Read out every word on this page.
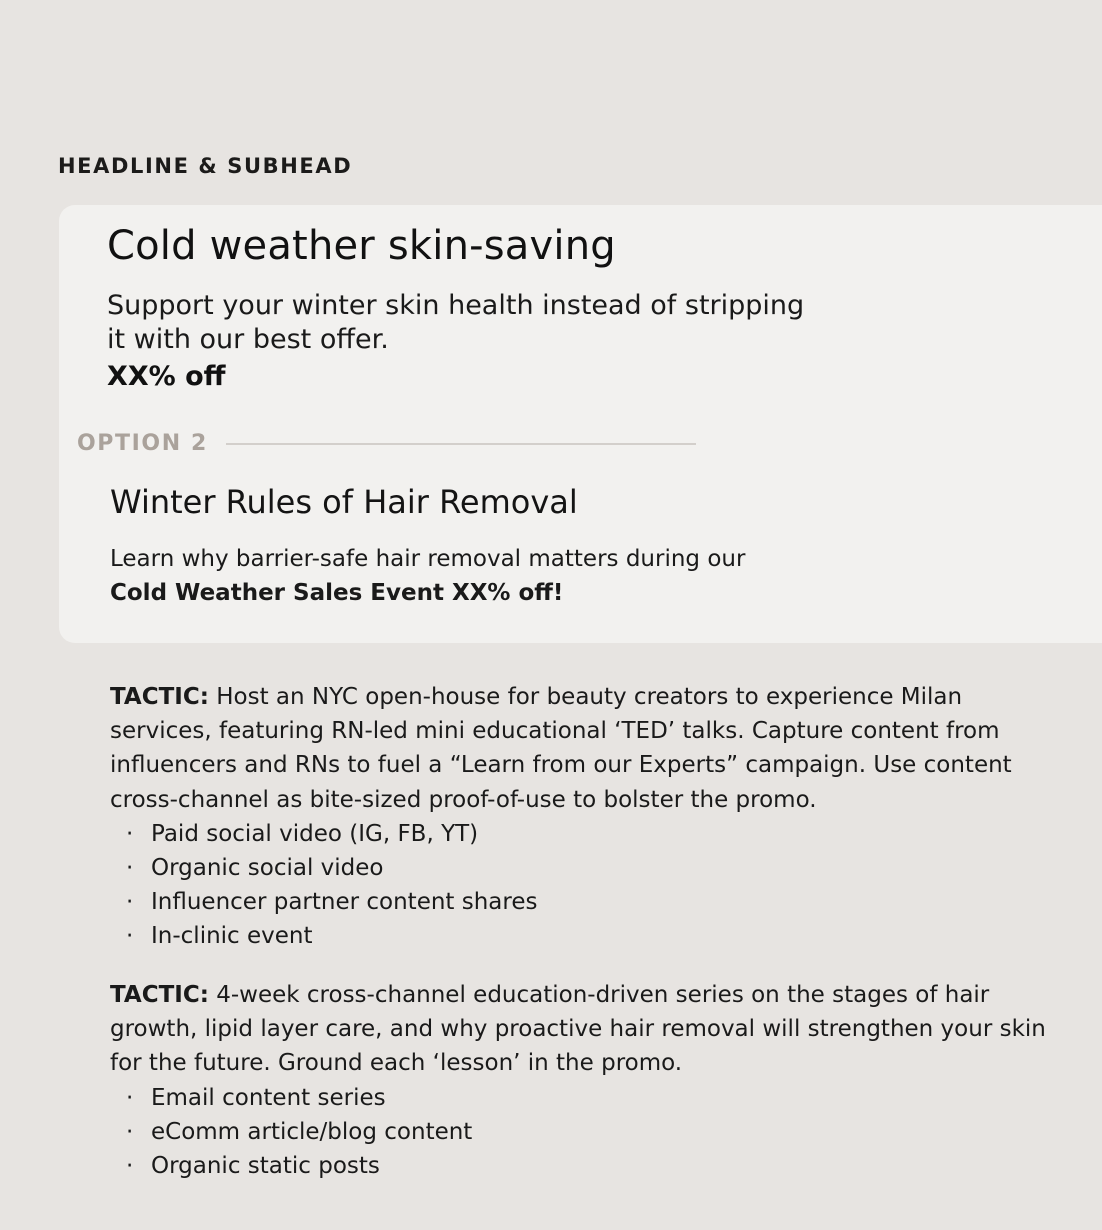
HEADLINE & SUBHEAD
Cold weather skin-saving
Support your winter skin health instead of stripping it with our best offer.
XX% off
OPTION 2
Winter Rules of Hair Removal
Learn why barrier-safe hair removal matters during our
Cold Weather Sales Event XX% off!

TACTIC: Host an NYC open-house for beauty creators to experience Milan services, featuring RN-led mini educational ‘TED’ talks. Capture content from influencers and RNs to fuel a “Learn from our Experts” campaign. Use content cross-channel as bite-sized proof-of-use to bolster the promo.

· Paid social video (IG, FB, YT)
· Organic social video
· Influencer partner content shares
· In-clinic event

TACTIC: 4-week cross-channel education-driven series on the stages of hair growth, lipid layer care, and why proactive hair removal will strengthen your skin for the future. Ground each ‘lesson’ in the promo.

· Email content series
· eComm article/blog content
· Organic static posts
